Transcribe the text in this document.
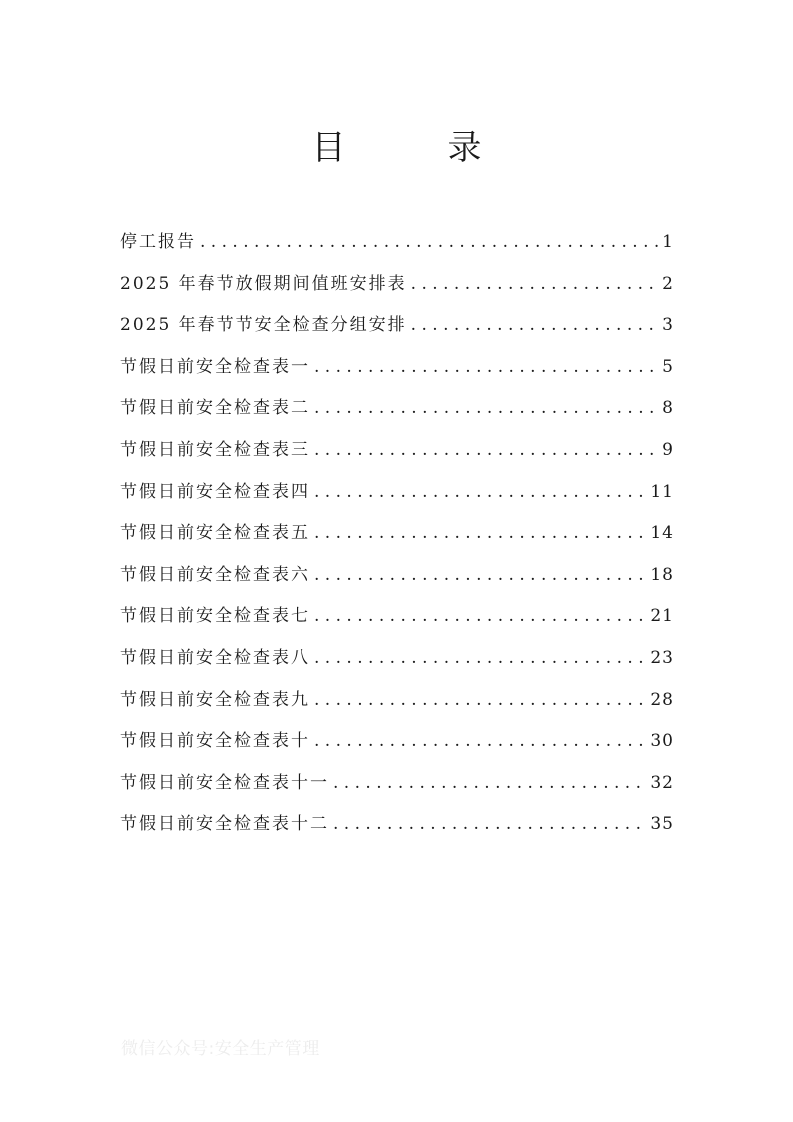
目　录
停工报告 . . .	1
2025 年春节放假期间值班安排表 . . .	2
2025 年春节节安全检查分组安排 . . .	3
节假日前安全检查表一 . . .	5
节假日前安全检查表二 . . .	8
节假日前安全检查表三 . . .	9
节假日前安全检查表四 . . .	11
节假日前安全检查表五 . . .	14
节假日前安全检查表六 . . .	18
节假日前安全检查表七 . . .	21
节假日前安全检查表八 . . .	23
节假日前安全检查表九 . . .	28
节假日前安全检查表十 . . .	30
节假日前安全检查表十一 . . .	32
节假日前安全检查表十二 . . .	35
微信公众号:安全生产管理
